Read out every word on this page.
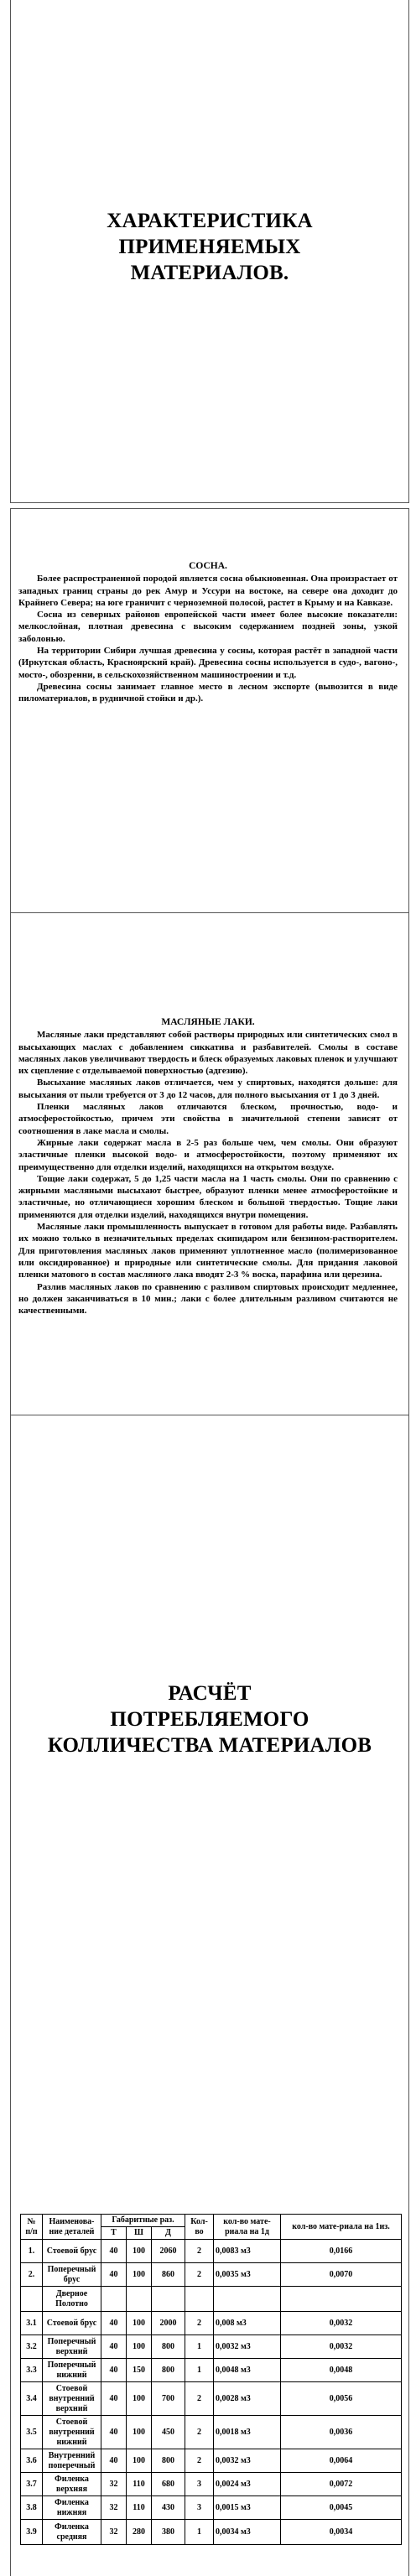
ХАРАКТЕРИСТИКА
ПРИМЕНЯЕМЫХ
МАТЕРИАЛОВ.
СОСНА.

Более распространенной породой является сосна обыкновенная. Она произрастает от западных границ страны до рек Амур и Уссури на востоке, на севере она доходит до Крайнего Севера; на юге граничит с черноземной полосой, растет в Крыму и на Кавказе.

Сосна из северных районов европейской части имеет более высокие показатели: мелкослойная, плотная древесина с высоким содержанием поздней зоны, узкой заболонью.

На территории Сибири лучшая древесина у сосны, которая растёт в западной части (Иркутская область, Красноярский край). Древесина сосны используется в судо-, вагоно-, мосто-, обозренни, в сельскохозяйственном машиностроении и т.д.

Древесина сосны занимает главное место в лесном экспорте (вывозится в виде пиломатериалов, в рудничной стойки и др.).

МАСЛЯНЫЕ ЛАКИ.

Масляные лаки представляют собой растворы природных или синтетических смол в высыхающих маслах с добавлением сиккатива и разбавителей. Смолы в составе масляных лаков увеличивают твердость и блеск образуемых лаковых пленок и улучшают их сцепление с отделываемой поверхностью (адгезию).

Высыхание масляных лаков отличается, чем у спиртовых, находятся дольше: для высыхания от пыли требуется от 3 до 12 часов, для полного высыхания от 1 до 3 дней.

Пленки масляных лаков отличаются блеском, прочностью, водо- и атмосферостойкостью, причем эти свойства в значительной степени зависят от соотношения в лаке масла и смолы.

Жирные лаки содержат масла в 2-5 раз больше чем, чем смолы. Они образуют эластичные пленки высокой водо- и атмосферостойкости, поэтому применяют их преимущественно для отделки изделий, находящихся на открытом воздухе.

Тощие лаки содержат, 5 до 1,25 части масла на 1 часть смолы. Они по сравнению с жирными масляными высыхают быстрее, образуют пленки менее атмосферостойкие и эластичные, но отличающиеся хорошим блеском и большой твердостью. Тощие лаки применяются для отделки изделий, находящихся внутри помещения.

Масляные лаки промышленность выпускает в готовом для работы виде. Разбавлять их можно только в незначительных пределах скипидаром или бензином-растворителем. Для приготовления масляных лаков применяют уплотненное масло (полимеризованное или оксидированное) и природные или синтетические смолы. Для придания лаковой пленки матового в состав масляного лака вводят 2-3 % воска, парафина или церезина.

Разлив масляных лаков по сравнению с разливом спиртовых происходит медленнее, но должен заканчиваться в 10 мин.; лаки с более длительным разливом считаются не качественными.

РАСЧЁТ
ПОТРЕБЛЯЕМОГО
КОЛЛИЧЕСТВА МАТЕРИАЛОВ
№ п/п	Наименова-ние деталей	Габаритные раз.			Кол-во	кол-во мате-риала на 1д	кол-во мате-риала на 1из.
		Т	Ш	Д			
1.	Стоевой брус	40	100	2060	2	0,0083 м3	0,0166
2.	Поперечный брус	40	100	860	2	0,0035 м3	0,0070
	Дверное Полотно						
3.1	Стоевой брус	40	100	2000	2	0,008 м3	0,0032
3.2	Поперечный верхний	40	100	800	1	0,0032 м3	0,0032
3.3	Поперечный нижний	40	150	800	1	0,0048 м3	0,0048
3.4	Стоевой внутренний верхний	40	100	700	2	0,0028 м3	0,0056
3.5	Стоевой внутренний нижний	40	100	450	2	0,0018 м3	0,0036
3.6	Внутренний поперечный	40	100	800	2	0,0032 м3	0,0064
3.7	Филенка верхняя	32	110	680	3	0,0024 м3	0,0072
3.8	Филенка нижняя	32	110	430	3	0,0015 м3	0,0045
3.9	Филенка средняя	32	280	380	1	0,0034 м3	0,0034
